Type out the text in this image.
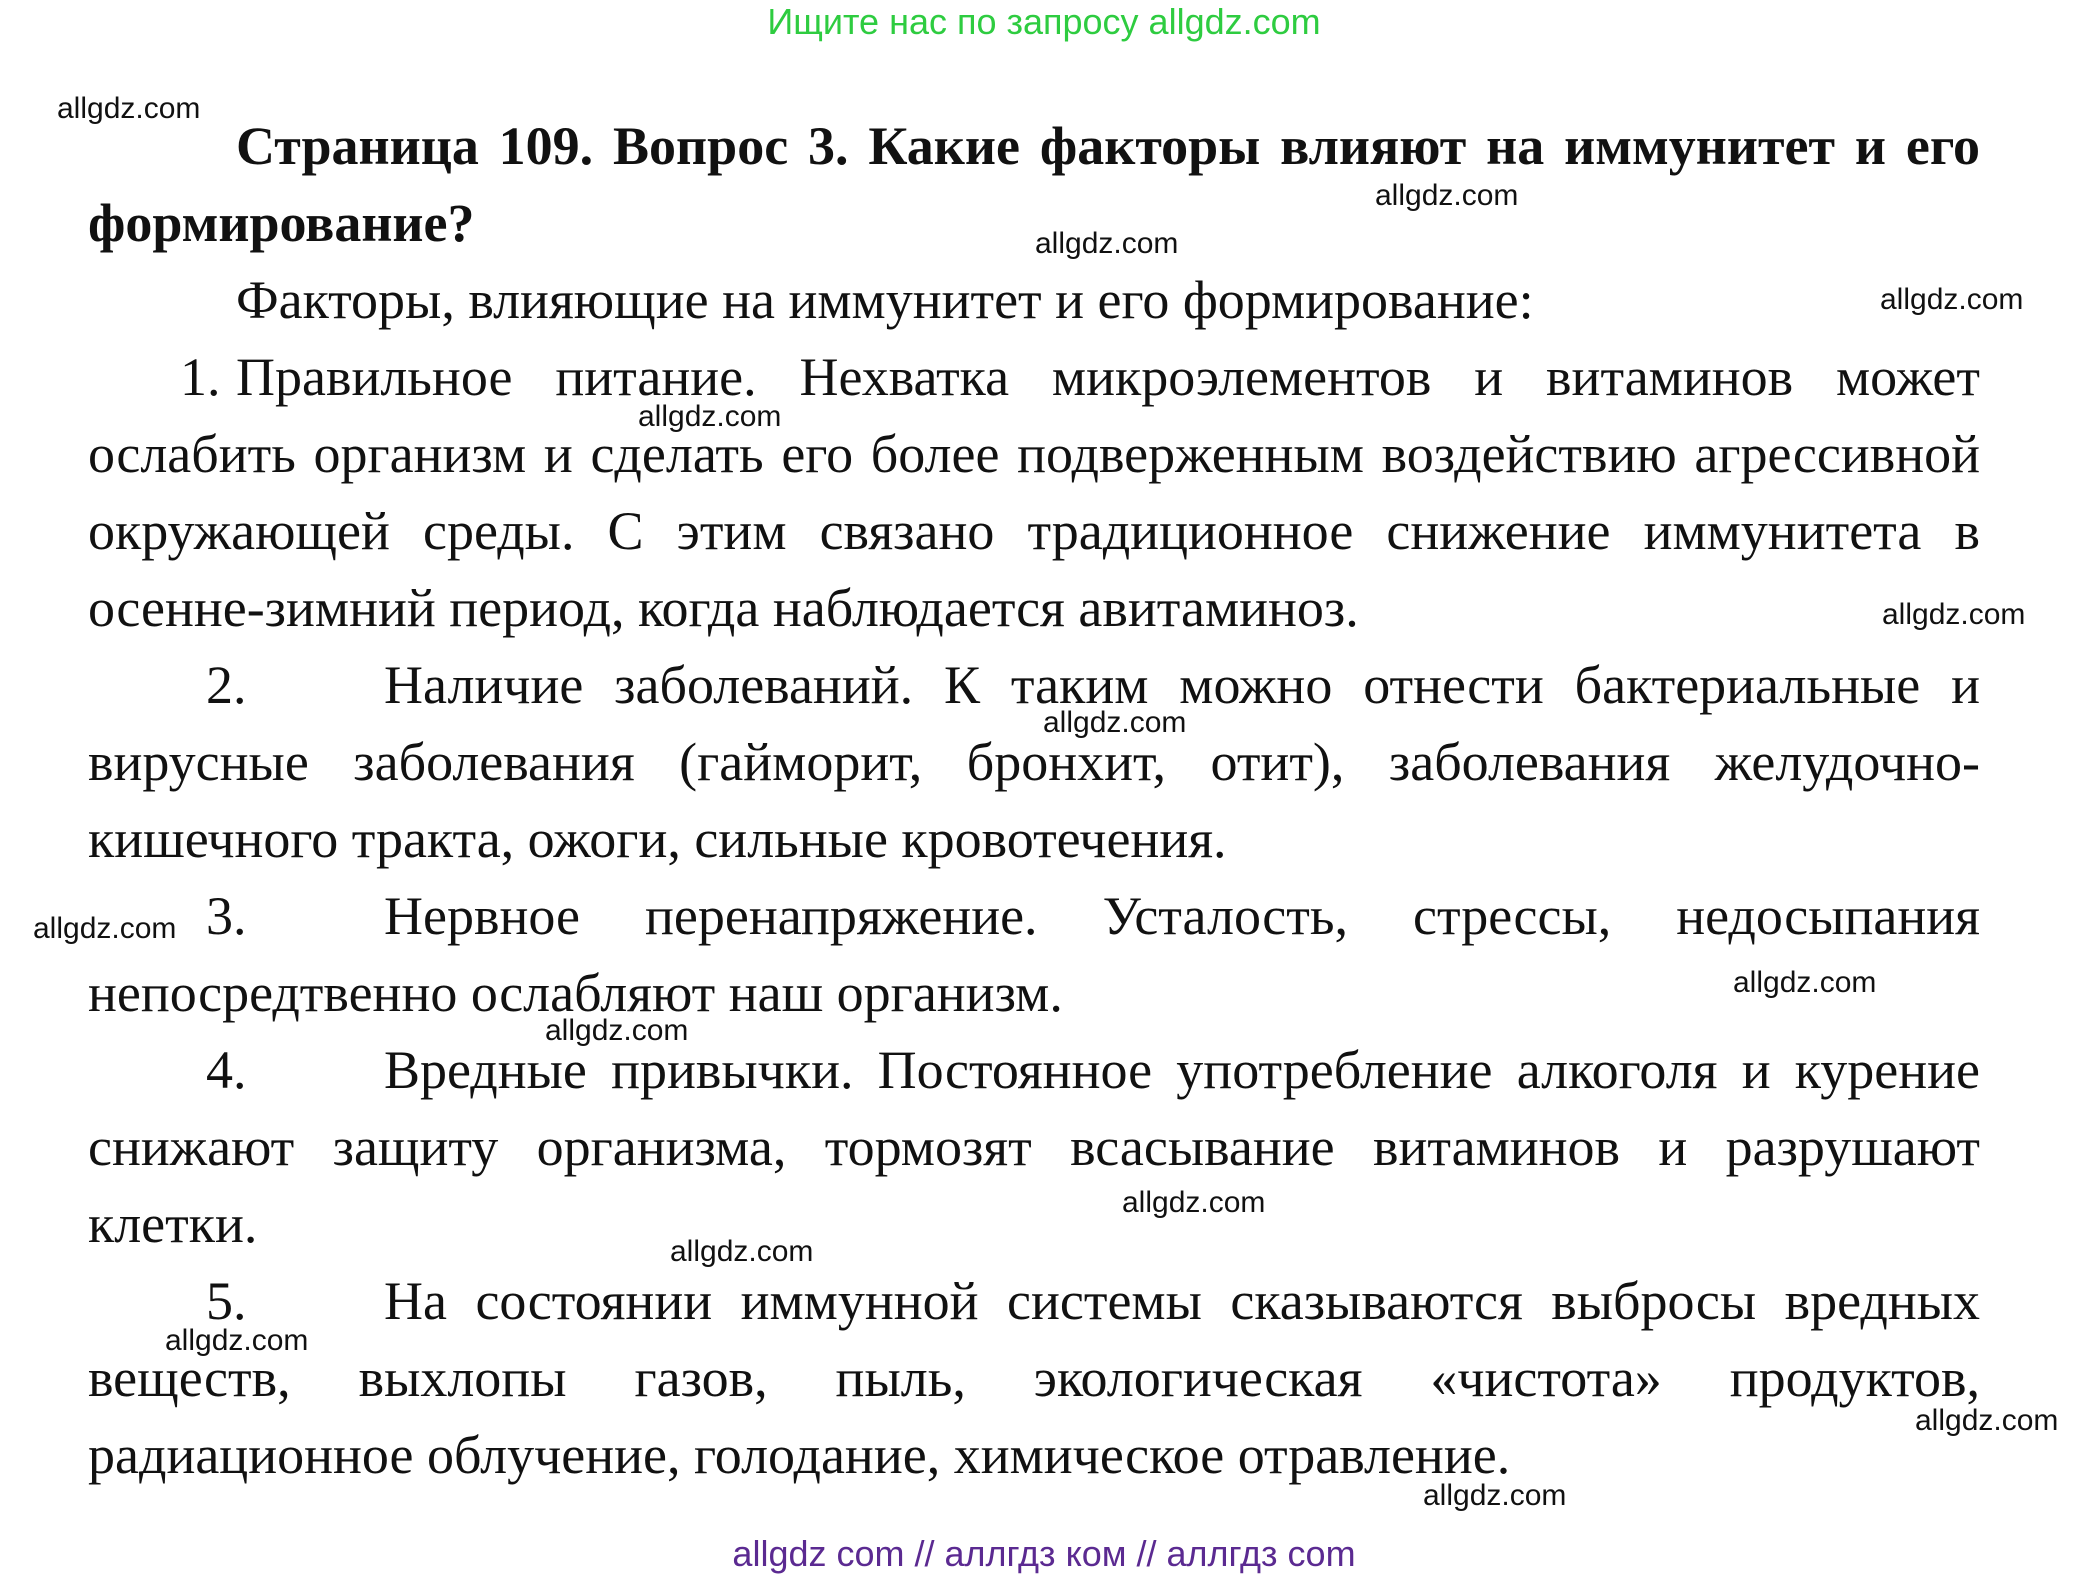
Ищите нас по запросу allgdz.com

Страница 109. Вопрос 3. Какие факторы влияют на иммунитет и его формирование?

Факторы, влияющие на иммунитет и его формирование:

1. Правильное питание. Нехватка микроэлементов и витаминов может ослабить организм и сделать его более подверженным воздействию агрессивной окружающей среды. С этим связано традиционное снижение иммунитета в осенне-зимний период, когда наблюдается авитаминоз.

2.	Наличие заболеваний. К таким можно отнести бактериальные и вирусные заболевания (гайморит, бронхит, отит), заболевания желудочно-кишечного тракта, ожоги, сильные кровотечения.

3.	Нервное перенапряжение. Усталость, стрессы, недосыпания непосредтвенно ослабляют наш организм.

4.	Вредные привычки. Постоянное употребление алкоголя и курение снижают защиту организма, тормозят всасывание витаминов и разрушают клетки.

5.	На состоянии иммунной системы сказываются выбросы вредных веществ, выхлопы газов, пыль, экологическая «чистота» продуктов, радиационное облучение, голодание, химическое отравление.

allgdz.com
allgdz.com
allgdz.com
allgdz.com
allgdz.com
allgdz.com
allgdz.com
allgdz.com
allgdz.com
allgdz.com
allgdz.com
allgdz.com
allgdz.com
allgdz.com
allgdz.com
allgdz com // аллгдз ком // аллгдз com
